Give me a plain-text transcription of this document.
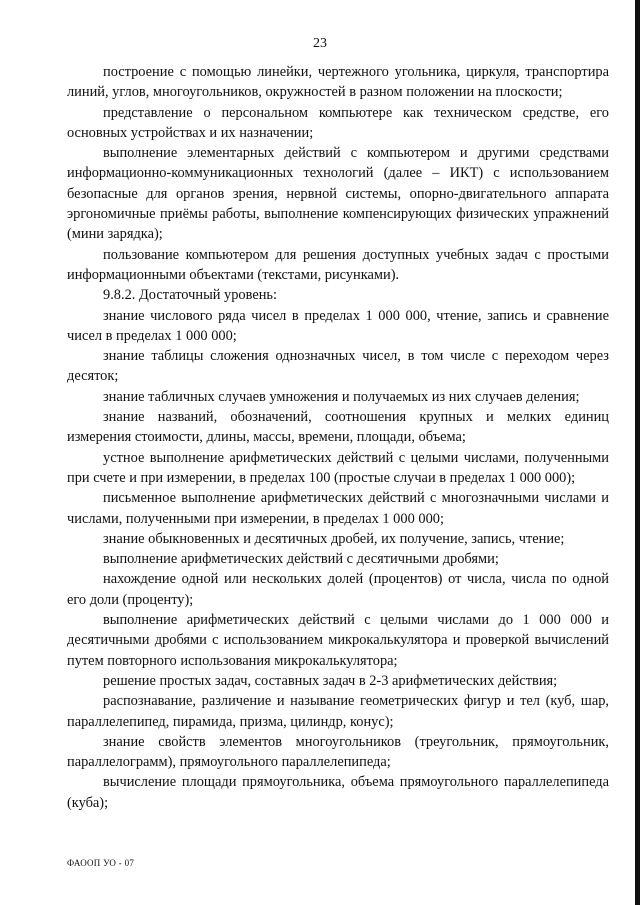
23

построение с помощью линейки, чертежного угольника, циркуля, транспортира линий, углов, многоугольников, окружностей в разном положении на плоскости;

представление о персональном компьютере как техническом средстве, его основных устройствах и их назначении;

выполнение элементарных действий с компьютером и другими средствами информационно-коммуникационных технологий (далее – ИКТ) с использованием безопасные для органов зрения, нервной системы, опорно-двигательного аппарата эргономичные приёмы работы, выполнение компенсирующих физических упражнений (мини зарядка);

пользование компьютером для решения доступных учебных задач с простыми информационными объектами (текстами, рисунками).

9.8.2. Достаточный уровень:

знание числового ряда чисел в пределах 1 000 000, чтение, запись и сравнение чисел в пределах 1 000 000;

знание таблицы сложения однозначных чисел, в том числе с переходом через десяток;

знание табличных случаев умножения и получаемых из них случаев деления;

знание названий, обозначений, соотношения крупных и мелких единиц измерения стоимости, длины, массы, времени, площади, объема;

устное выполнение арифметических действий с целыми числами, полученными при счете и при измерении, в пределах 100 (простые случаи в пределах 1 000 000);

письменное выполнение арифметических действий с многозначными числами и числами, полученными при измерении, в пределах 1 000 000;

знание обыкновенных и десятичных дробей, их получение, запись, чтение;

выполнение арифметических действий с десятичными дробями;

нахождение одной или нескольких долей (процентов) от числа, числа по одной его доли (проценту);

выполнение арифметических действий с целыми числами до 1 000 000 и десятичными дробями с использованием микрокалькулятора и проверкой вычислений путем повторного использования микрокалькулятора;

решение простых задач, составных задач в 2-3 арифметических действия;

распознавание, различение и называние геометрических фигур и тел (куб, шар, параллелепипед, пирамида, призма, цилиндр, конус);

знание свойств элементов многоугольников (треугольник, прямоугольник, параллелограмм), прямоугольного параллелепипеда;

вычисление площади прямоугольника, объема прямоугольного параллелепипеда (куба);

ФАООП УО - 07
